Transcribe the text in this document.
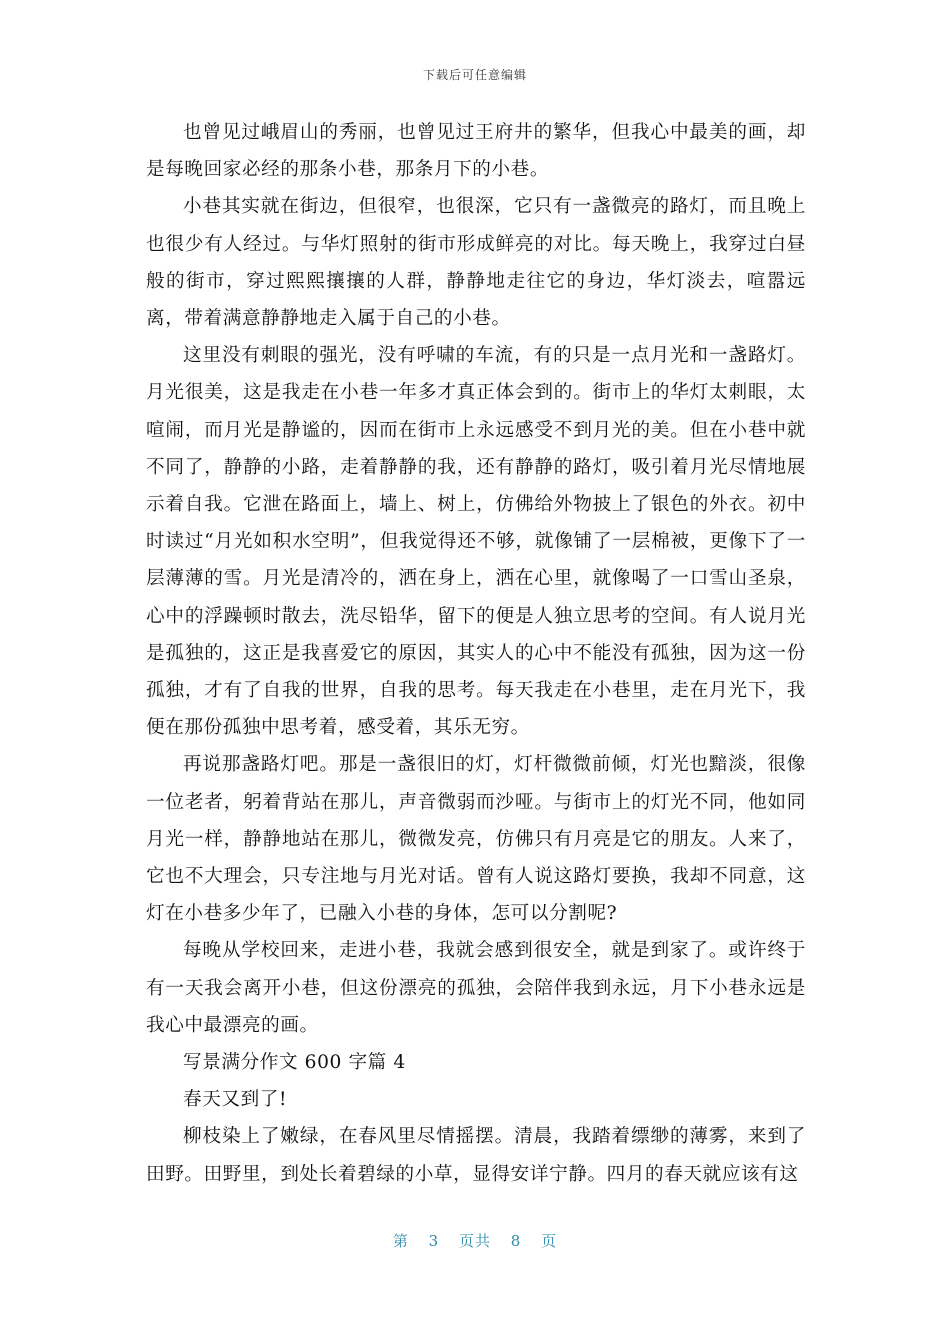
下载后可任意编辑

也曾见过峨眉山的秀丽，也曾见过王府井的繁华，但我心中最美的画，却是每晚回家必经的那条小巷，那条月下的小巷。

小巷其实就在街边，但很窄，也很深，它只有一盏微亮的路灯，而且晚上也很少有人经过。与华灯照射的街市形成鲜亮的对比。每天晚上，我穿过白昼般的街市，穿过熙熙攘攘的人群，静静地走往它的身边，华灯淡去，喧嚣远离，带着满意静静地走入属于自己的小巷。

这里没有刺眼的强光，没有呼啸的车流，有的只是一点月光和一盏路灯。月光很美，这是我走在小巷一年多才真正体会到的。街市上的华灯太刺眼，太喧闹，而月光是静谧的，因而在街市上永远感受不到月光的美。但在小巷中就不同了，静静的小路，走着静静的我，还有静静的路灯，吸引着月光尽情地展示着自我。它泄在路面上，墙上、树上，仿佛给外物披上了银色的外衣。初中时读过“月光如积水空明”，但我觉得还不够，就像铺了一层棉被，更像下了一层薄薄的雪。月光是清冷的，洒在身上，洒在心里，就像喝了一口雪山圣泉，心中的浮躁顿时散去，洗尽铅华，留下的便是人独立思考的空间。有人说月光是孤独的，这正是我喜爱它的原因，其实人的心中不能没有孤独，因为这一份孤独，才有了自我的世界，自我的思考。每天我走在小巷里，走在月光下，我便在那份孤独中思考着，感受着，其乐无穷。

再说那盏路灯吧。那是一盏很旧的灯，灯杆微微前倾，灯光也黯淡，很像一位老者，躬着背站在那儿，声音微弱而沙哑。与街市上的灯光不同，他如同月光一样，静静地站在那儿，微微发亮，仿佛只有月亮是它的朋友。人来了，它也不大理会，只专注地与月光对话。曾有人说这路灯要换，我却不同意，这灯在小巷多少年了，已融入小巷的身体，怎可以分割呢?

每晚从学校回来，走进小巷，我就会感到很安全，就是到家了。或许终于有一天我会离开小巷，但这份漂亮的孤独，会陪伴我到永远，月下小巷永远是我心中最漂亮的画。

写景满分作文 600 字篇 4

春天又到了!

柳枝染上了嫩绿，在春风里尽情摇摆。清晨，我踏着缥缈的薄雾，来到了田野。田野里，到处长着碧绿的小草，显得安详宁静。四月的春天就应该有这

第 3 页共 8 页
